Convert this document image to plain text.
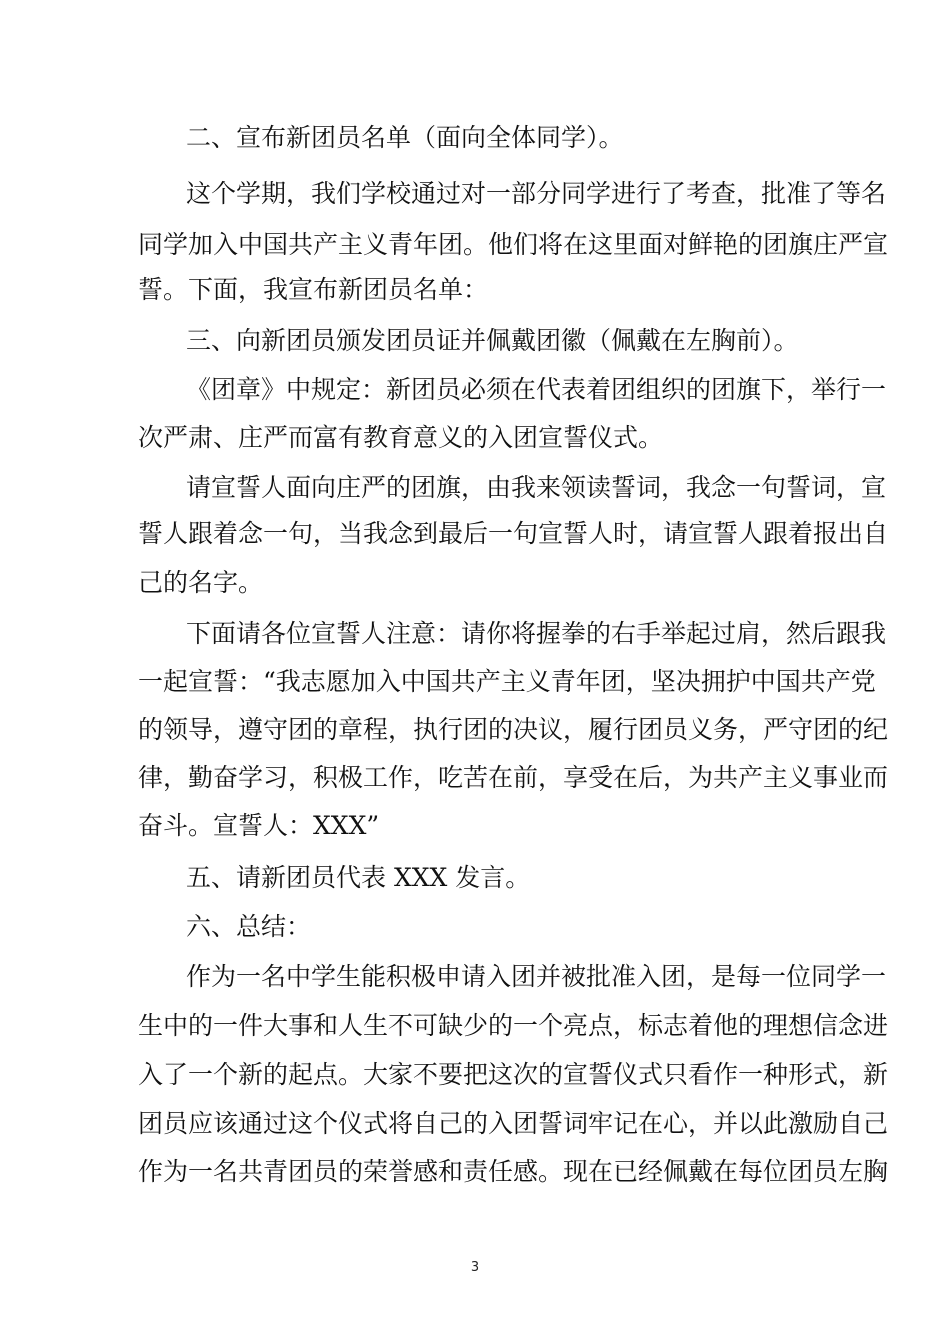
二、宣布新团员名单（面向全体同学）。
这个学期，我们学校通过对一部分同学进行了考查，批准了等名
同学加入中国共产主义青年团。他们将在这里面对鲜艳的团旗庄严宣
誓。下面，我宣布新团员名单：
三、向新团员颁发团员证并佩戴团徽（佩戴在左胸前）。
《团章》中规定：新团员必须在代表着团组织的团旗下，举行一
次严肃、庄严而富有教育意义的入团宣誓仪式。
请宣誓人面向庄严的团旗，由我来领读誓词，我念一句誓词，宣
誓人跟着念一句，当我念到最后一句宣誓人时，请宣誓人跟着报出自
己的名字。
下面请各位宣誓人注意：请你将握拳的右手举起过肩，然后跟我
一起宣誓：“我志愿加入中国共产主义青年团，坚决拥护中国共产党
的领导，遵守团的章程，执行团的决议，履行团员义务，严守团的纪
律，勤奋学习，积极工作，吃苦在前，享受在后，为共产主义事业而
奋斗。宣誓人：XXX”
五、请新团员代表 XXX 发言。
六、总结：
作为一名中学生能积极申请入团并被批准入团，是每一位同学一
生中的一件大事和人生不可缺少的一个亮点，标志着他的理想信念进
入了一个新的起点。大家不要把这次的宣誓仪式只看作一种形式，新
团员应该通过这个仪式将自己的入团誓词牢记在心，并以此激励自己
作为一名共青团员的荣誉感和责任感。现在已经佩戴在每位团员左胸
3
